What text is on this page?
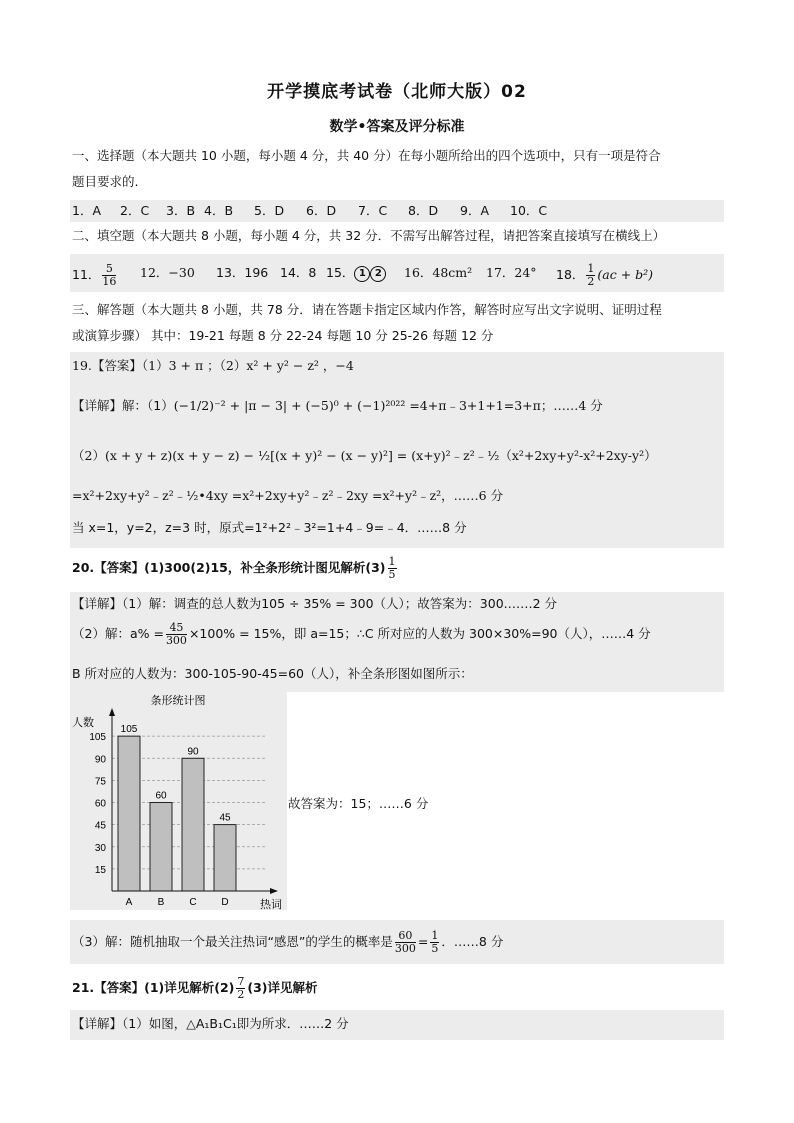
开学摸底考试卷（北师大版）02
数学•答案及评分标准
一、选择题（本大题共 10 小题，每小题 4 分，共 40 分）在每小题所给出的四个选项中，只有一项是符合
题目要求的.
1．A 2．C 3．B 4．B 5．D 6．D 7．C 8．D 9．A 10．C
二、填空题（本大题共 8 小题，每小题 4 分，共 32 分．不需写出解答过程，请把答案直接填写在横线上）
11． $\frac{5}{16} 12$．−30 13．196 14．8 15． 1 2	16．48cm² 17．24° 18． $\frac{1}{2} (ac + b^2)$
三、解答题（本大题共 8 小题，共 78 分．请在答题卡指定区域内作答，解答时应写出文字说明、证明过程
或演算步骤） 其中：19-21 每题 8 分 22-24 每题 10 分 25-26 每题 12 分
19.【答案】（1）3 + π ；（2）x² + y² − z² ，−4
【详解】解：（1）(−1/2)⁻² + |π − 3| + (−5)⁰ + (−1)²⁰²² =4+π﹣3+1+1=3+π；……4 分
（2）(x + y + z)(x + y − z) − ½[(x + y)² − (x − y)²] = (x+y)²﹣z²﹣½（x²+2xy+y²-x²+2xy-y²）
=x²+2xy+y²﹣z²﹣½•4xy =x²+2xy+y²﹣z²﹣2xy =x²+y²﹣z²，……6 分
当 x=1，y=2，z=3 时，原式=1²+2²﹣3²=1+4﹣9=﹣4．……8 分
20.【答案】(1)300(2)15，补全条形统计图见解析$(3) \frac{1}{5}$
【详解】（1）解：调查的总人数为105 ÷ 35% = 300（人）；故答案为：300.……2 分
（2）解：$a\% = \frac{45}{300} \times 100\% = 15\%$，即 a=15；∴C 所对应的人数为 300×30%=90（人），……4 分
B 所对应的人数为：300-105-90-45=60（人），补全条形图如图所示：
条形统计图
人数
15
30
45
60
75
90
105
105
A
60
B
90
C
45
D	热词
故答案为：15；……6 分
（3）解：随机抽取一个最关注热词“感恩”的学生的概率是 $\frac{60}{300} = \frac{1}{5}$ ．……8 分
21.【答案】(1)详见解析$(2) \frac{7}{2} (3)$详见解析
【详解】（1）如图，△A₁B₁C₁即为所求．……2 分
